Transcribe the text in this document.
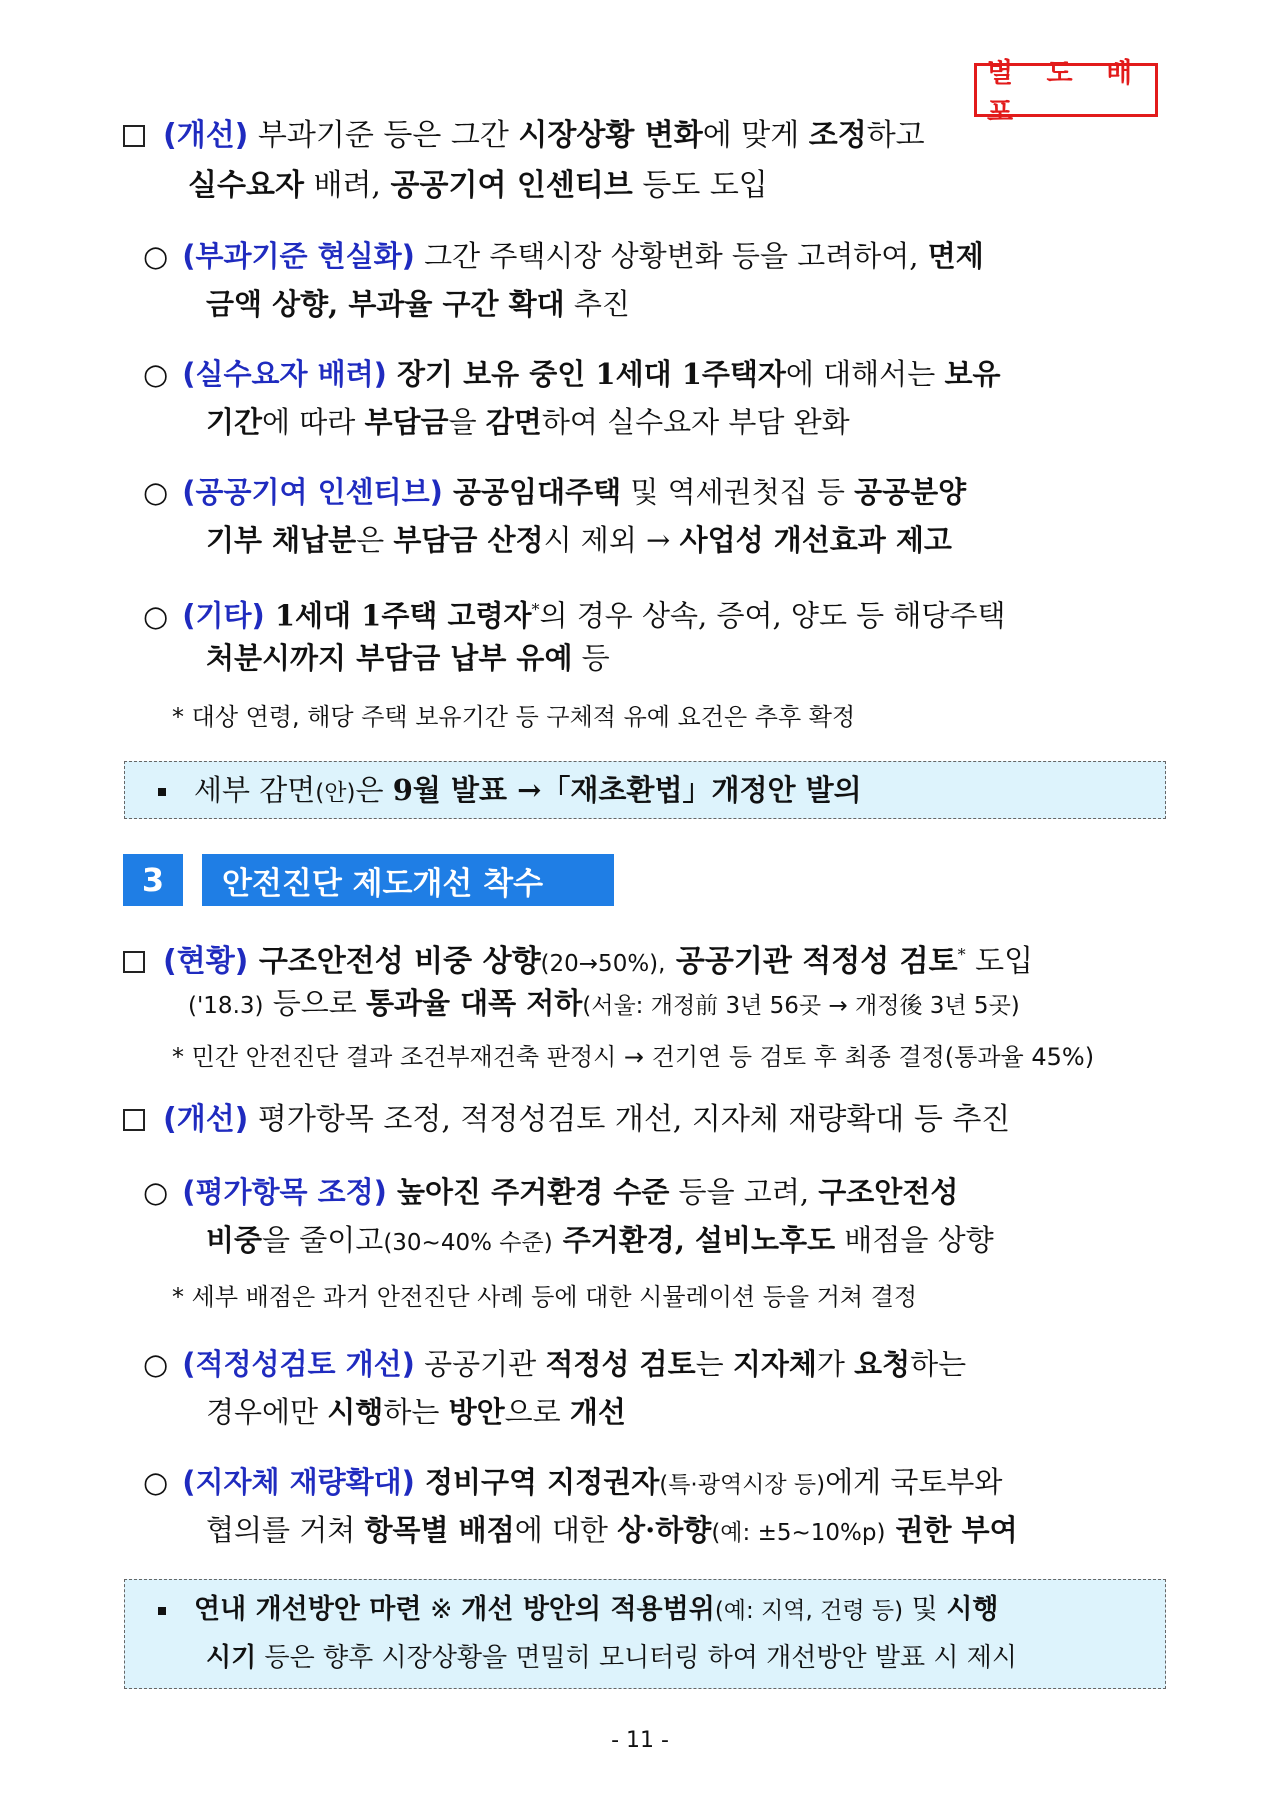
별 도 배 포
(개선) 부과기준 등은 그간 시장상황 변화에 맞게 조정하고
실수요자 배려, 공공기여 인센티브 등도 도입
○ (부과기준 현실화) 그간 주택시장 상황변화 등을 고려하여, 면제
금액 상향, 부과율 구간 확대 추진
○ (실수요자 배려) 장기 보유 중인 1세대 1주택자에 대해서는 보유
기간에 따라 부담금을 감면하여 실수요자 부담 완화
○ (공공기여 인센티브) 공공임대주택 및 역세권첫집 등 공공분양
기부 채납분은 부담금 산정시 제외 → 사업성 개선효과 제고
○ (기타) 1세대 1주택 고령자*의 경우 상속, 증여, 양도 등 해당주택
처분시까지 부담금 납부 유예 등
* 대상 연령, 해당 주택 보유기간 등 구체적 유예 요건은 추후 확정
세부 감면(안)은 9월 발표 →「재초환법」개정안 발의
3	안전진단 제도개선 착수
(현황) 구조안전성 비중 상향(20→50%), 공공기관 적정성 검토* 도입
('18.3) 등으로 통과율 대폭 저하(서울: 개정前 3년 56곳 → 개정後 3년 5곳)
* 민간 안전진단 결과 조건부재건축 판정시 → 건기연 등 검토 후 최종 결정(통과율 45%)
(개선) 평가항목 조정, 적정성검토 개선, 지자체 재량확대 등 추진
○ (평가항목 조정) 높아진 주거환경 수준 등을 고려, 구조안전성
비중을 줄이고(30~40% 수준) 주거환경, 설비노후도 배점을 상향
* 세부 배점은 과거 안전진단 사례 등에 대한 시뮬레이션 등을 거쳐 결정
○ (적정성검토 개선) 공공기관 적정성 검토는 지자체가 요청하는
경우에만 시행하는 방안으로 개선
○ (지자체 재량확대) 정비구역 지정권자(특·광역시장 등)에게 국토부와
협의를 거쳐 항목별 배점에 대한 상·하향(예: ±5~10%p) 권한 부여
연내 개선방안 마련 ※ 개선 방안의 적용범위(예: 지역, 건령 등) 및 시행
시기 등은 향후 시장상황을 면밀히 모니터링 하여 개선방안 발표 시 제시
- 11 -
